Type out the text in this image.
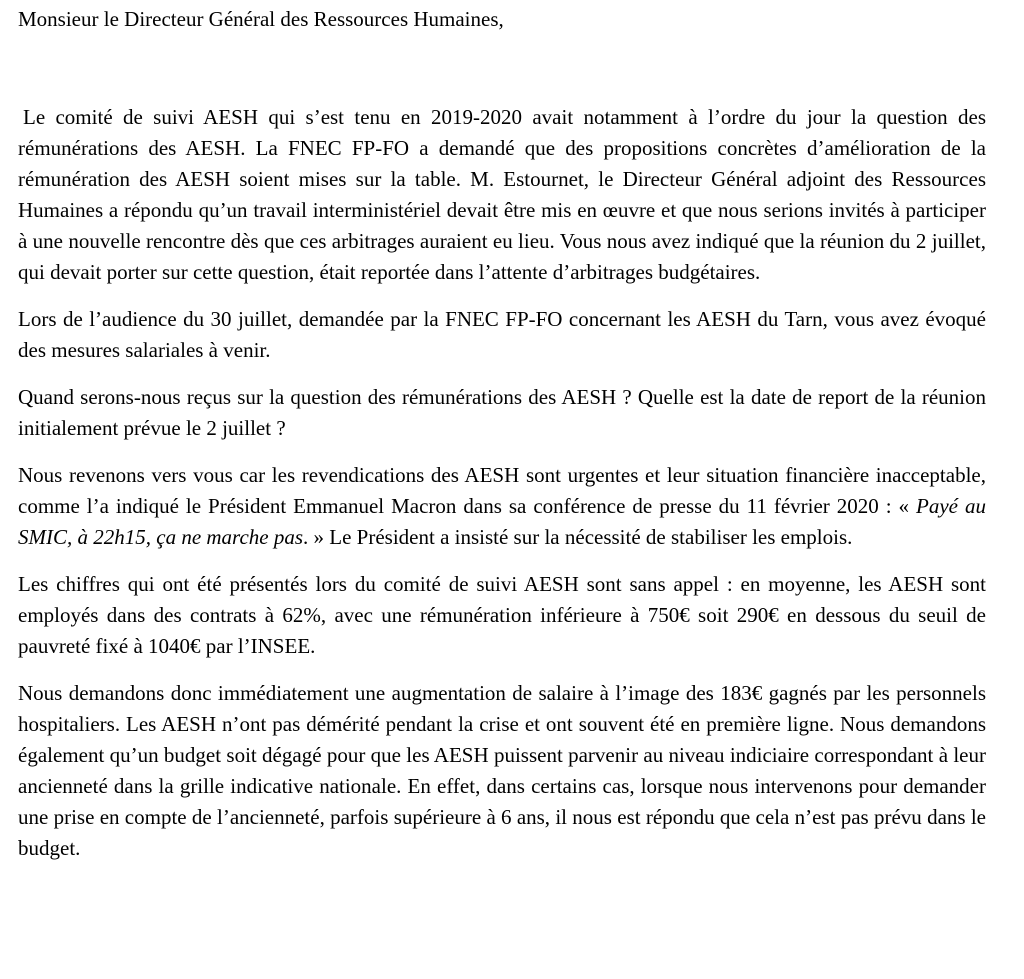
Monsieur le Directeur Général des Ressources Humaines,

Le comité de suivi AESH qui s’est tenu en 2019-2020 avait notamment à l’ordre du jour la question des rémunérations des AESH. La FNEC FP-FO a demandé que des propositions concrètes d’amélioration de la rémunération des AESH soient mises sur la table. M. Estournet, le Directeur Général adjoint des Ressources Humaines a répondu qu’un travail interministériel devait être mis en œuvre et que nous serions invités à participer à une nouvelle rencontre dès que ces arbitrages auraient eu lieu. Vous nous avez indiqué que la réunion du 2 juillet, qui devait porter sur cette question, était reportée dans l’attente d’arbitrages budgétaires.

Lors de l’audience du 30 juillet, demandée par la FNEC FP-FO concernant les AESH du Tarn, vous avez évoqué des mesures salariales à venir.

Quand serons-nous reçus sur la question des rémunérations des AESH ? Quelle est la date de report de la réunion initialement prévue le 2 juillet ?

Nous revenons vers vous car les revendications des AESH sont urgentes et leur situation financière inacceptable, comme l’a indiqué le Président Emmanuel Macron dans sa conférence de presse du 11 février 2020 : « Payé au SMIC, à 22h15, ça ne marche pas. » Le Président a insisté sur la nécessité de stabiliser les emplois.

Les chiffres qui ont été présentés lors du comité de suivi AESH sont sans appel : en moyenne, les AESH sont employés dans des contrats à 62%, avec une rémunération inférieure à 750€ soit 290€ en dessous du seuil de pauvreté fixé à 1040€ par l’INSEE.

Nous demandons donc immédiatement une augmentation de salaire à l’image des 183€ gagnés par les personnels hospitaliers. Les AESH n’ont pas démérité pendant la crise et ont souvent été en première ligne. Nous demandons également qu’un budget soit dégagé pour que les AESH puissent parvenir au niveau indiciaire correspondant à leur ancienneté dans la grille indicative nationale. En effet, dans certains cas, lorsque nous intervenons pour demander une prise en compte de l’ancienneté, parfois supérieure à 6 ans, il nous est répondu que cela n’est pas prévu dans le budget.
